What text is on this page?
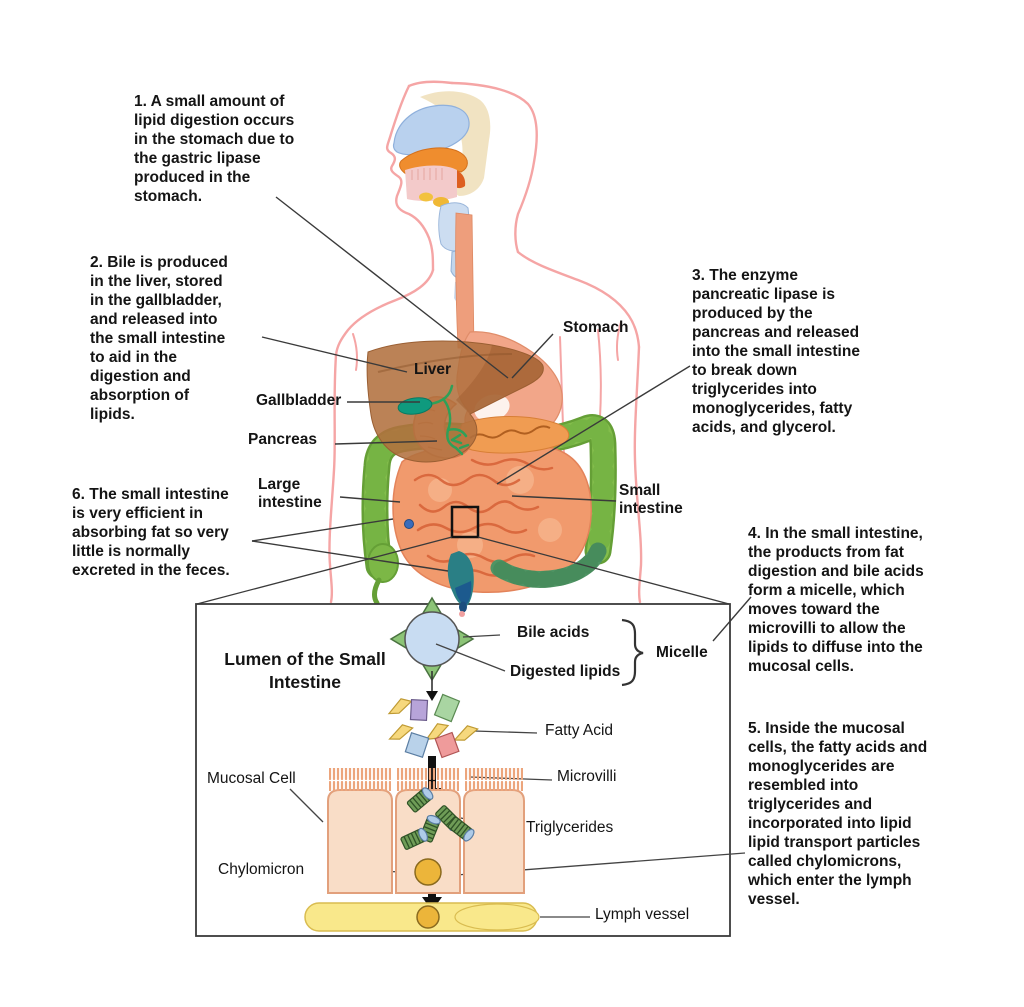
1. A small amount of
lipid digestion occurs
in the stomach due to
the gastric lipase
produced in the
stomach.
2. Bile is produced
in the liver, stored
in the gallbladder,
and released into
the small intestine
to aid in the
digestion and
absorption of
lipids.
3. The enzyme
pancreatic lipase is
produced by the
pancreas and released
into the small intestine
to break down
triglycerides into
monoglycerides, fatty
acids, and glycerol.
4. In the small intestine,
the products from fat
digestion and bile acids
form a micelle, which
moves toward the
microvilli to allow the
lipids to diffuse into the
mucosal cells.
5. Inside the mucosal
cells, the fatty acids and
monoglycerides are
resembled into
triglycerides and
incorporated into lipid
lipid transport particles
called chylomicrons,
which enter the lymph
vessel.
6. The small intestine
is very efficient in
absorbing fat so very
little is normally
excreted in the feces.
Stomach
Liver
Gallbladder
Pancreas
Large
intestine
Small
intestine
Lumen of the Small
Intestine
Bile acids
Digested lipids
Micelle
Fatty Acid
Microvilli
Triglycerides
Chylomicron
Lymph vessel
Mucosal Cell
